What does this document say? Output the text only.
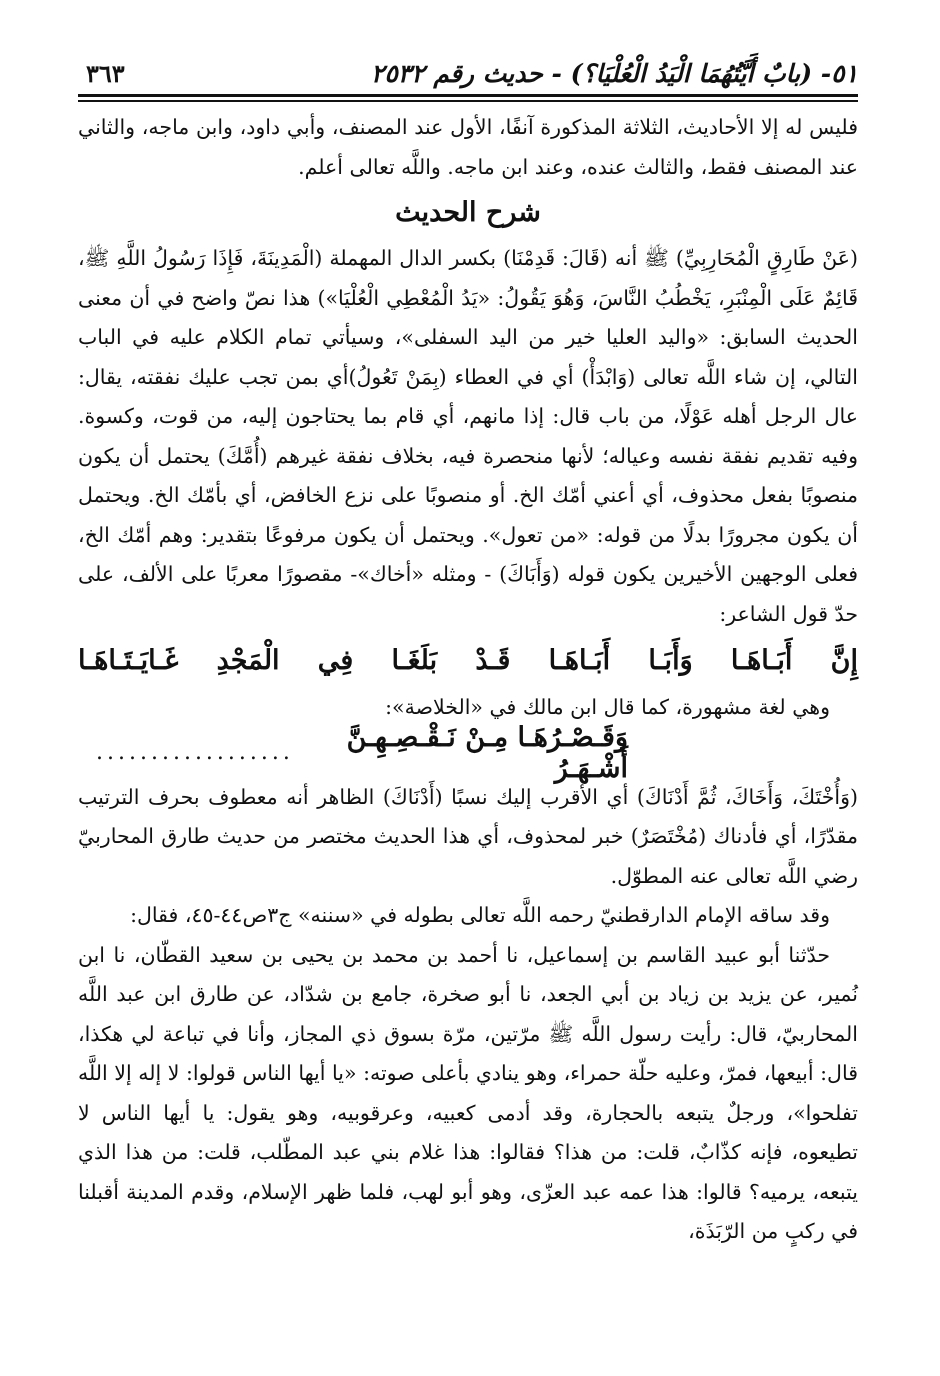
٥١- (بابٌ أَيَّتُهُمَا الْيَدُ الْعُلْيَا؟) - حديث رقم ٢٥٣٢
٣٦٣

فليس له إلا الأحاديث، الثلاثة المذكورة آنفًا، الأول عند المصنف، وأبي داود، وابن ماجه، والثاني عند المصنف فقط، والثالث عنده، وعند ابن ماجه. واللَّه تعالى أعلم.

شرح الحديث

(عَنْ طَارِقٍ الْمُحَارِبِيِّ) ﷺ أنه (قَالَ: قَدِمْنَا) بكسر الدال المهملة (الْمَدِينَةَ، فَإِذَا رَسُولُ اللَّهِ ﷺ، قَائِمٌ عَلَى الْمِنْبَرِ، يَخْطُبُ النَّاسَ، وَهُوَ يَقُولُ: «يَدُ الْمُعْطِي الْعُلْيَا») هذا نصّ واضح في أن معنى الحديث السابق: «واليد العليا خير من اليد السفلى»، وسيأتي تمام الكلام عليه في الباب التالي، إن شاء اللَّه تعالى (وَابْدَأْ) أي في العطاء (بِمَنْ تَعُولُ)أي بمن تجب عليك نفقته، يقال: عال الرجل أهله عَوْلًا، من باب قال: إذا مانهم، أي قام بما يحتاجون إليه، من قوت، وكسوة. وفيه تقديم نفقة نفسه وعياله؛ لأنها منحصرة فيه، بخلاف نفقة غيرهم (أُمَّكَ) يحتمل أن يكون منصوبًا بفعل محذوف، أي أعني أمّك الخ. أو منصوبًا على نزع الخافض، أي بأمّك الخ. ويحتمل أن يكون مجرورًا بدلًا من قوله: «من تعول». ويحتمل أن يكون مرفوعًا بتقدير: وهم أمّك الخ، فعلى الوجهين الأخيرين يكون قوله (وَأَبَاكَ) - ومثله «أخاك»- مقصورًا معربًا على الألف، على حدّ قول الشاعر:

إِنَّ أَبَـاهَـا وَأَبَـا أَبَـاهَـا قَـدْ بَلَغَـا فِي الْمَجْدِ غَـايَـتَـاهَـا

وهي لغة مشهورة، كما قال ابن مالك في «الخلاصة»:

وَقَـصْـرُهَـا مِـنْ نَـقْـصِـهِـنَّ أَشْـهَـرُ
..................

(وَأُخْتَكَ، وَأَخَاكَ، ثُمَّ أَدْنَاكَ) أي الأقرب إليك نسبًا (أَدْنَاكَ) الظاهر أنه معطوف بحرف الترتيب مقدّرًا، أي فأدناك (مُخْتَصَرٌ) خبر لمحذوف، أي هذا الحديث مختصر من حديث طارق المحاربيّ رضي اللَّه تعالى عنه المطوّل.

وقد ساقه الإمام الدارقطنيّ رحمه اللَّه تعالى بطوله في «سننه» ج٣ص٤٤-٤٥، فقال:

حدّثنا أبو عبيد القاسم بن إسماعيل، نا أحمد بن محمد بن يحيى بن سعيد القطّان، نا ابن نُمير، عن يزيد بن زياد بن أبي الجعد، نا أبو صخرة، جامع بن شدّاد، عن طارق ابن عبد اللَّه المحاربيّ، قال: رأيت رسول اللَّه ﷺ مرّتين، مرّة بسوق ذي المجاز، وأنا في تباعة لي هكذا، قال: أبيعها، فمرّ، وعليه حلّة حمراء، وهو ينادي بأعلى صوته: «يا أيها الناس قولوا: لا إله إلا اللَّه تفلحوا»، ورجلٌ يتبعه بالحجارة، وقد أدمى كعبيه، وعرقوبيه، وهو يقول: يا أيها الناس لا تطيعوه، فإنه كذّابٌ، قلت: من هذا؟ فقالوا: هذا غلام بني عبد المطّلب، قلت: من هذا الذي يتبعه، يرميه؟ قالوا: هذا عمه عبد العزّى، وهو أبو لهب، فلما ظهر الإسلام، وقدم المدينة أقبلنا في ركبٍ من الرّبَذَة،
